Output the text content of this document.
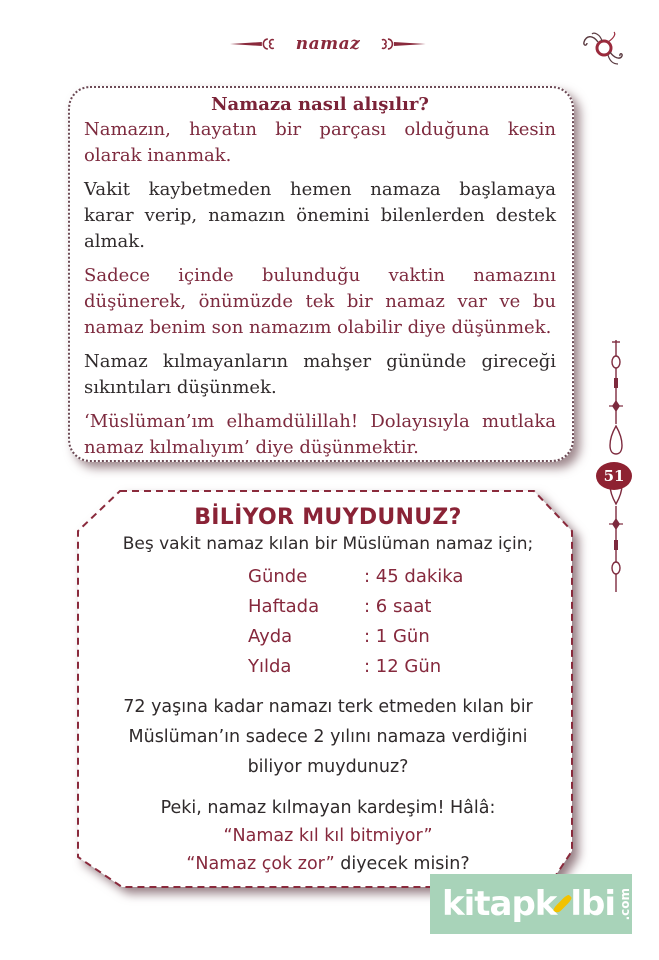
namaz
Namaza nasıl alışılır?

Namazın, hayatın bir parçası olduğuna kesin olarak inanmak.

Vakit kaybetmeden hemen namaza başlamaya karar verip, namazın önemini bilenlerden destek almak.

Sadece içinde bulunduğu vaktin namazını düşünerek, önümüzde tek bir namaz var ve bu namaz benim son namazım olabilir diye düşünmek.

Namaz kılmayanların mahşer gününde gireceği sıkıntıları düşünmek.

‘Müslüman’ım elhamdülillah! Dolayısıyla mutlaka namaz kılmalıyım’ diye düşünmektir.

51
BİLİYOR MUYDUNUZ?
Beş vakit namaz kılan bir Müslüman namaz için;
Günde	: 45 dakika
Haftada	: 6 saat
Ayda	: 1 Gün
Yılda	: 12 Gün
72 yaşına kadar namazı terk etmeden kılan bir
Müslüman’ın sadece 2 yılını namaza verdiğini
biliyor muydunuz?
Peki, namaz kılmayan kardeşim! Hâlâ:
“Namaz kıl kıl bitmiyor”
“Namaz çok zor” diyecek misin?
kitapk lbi .com
